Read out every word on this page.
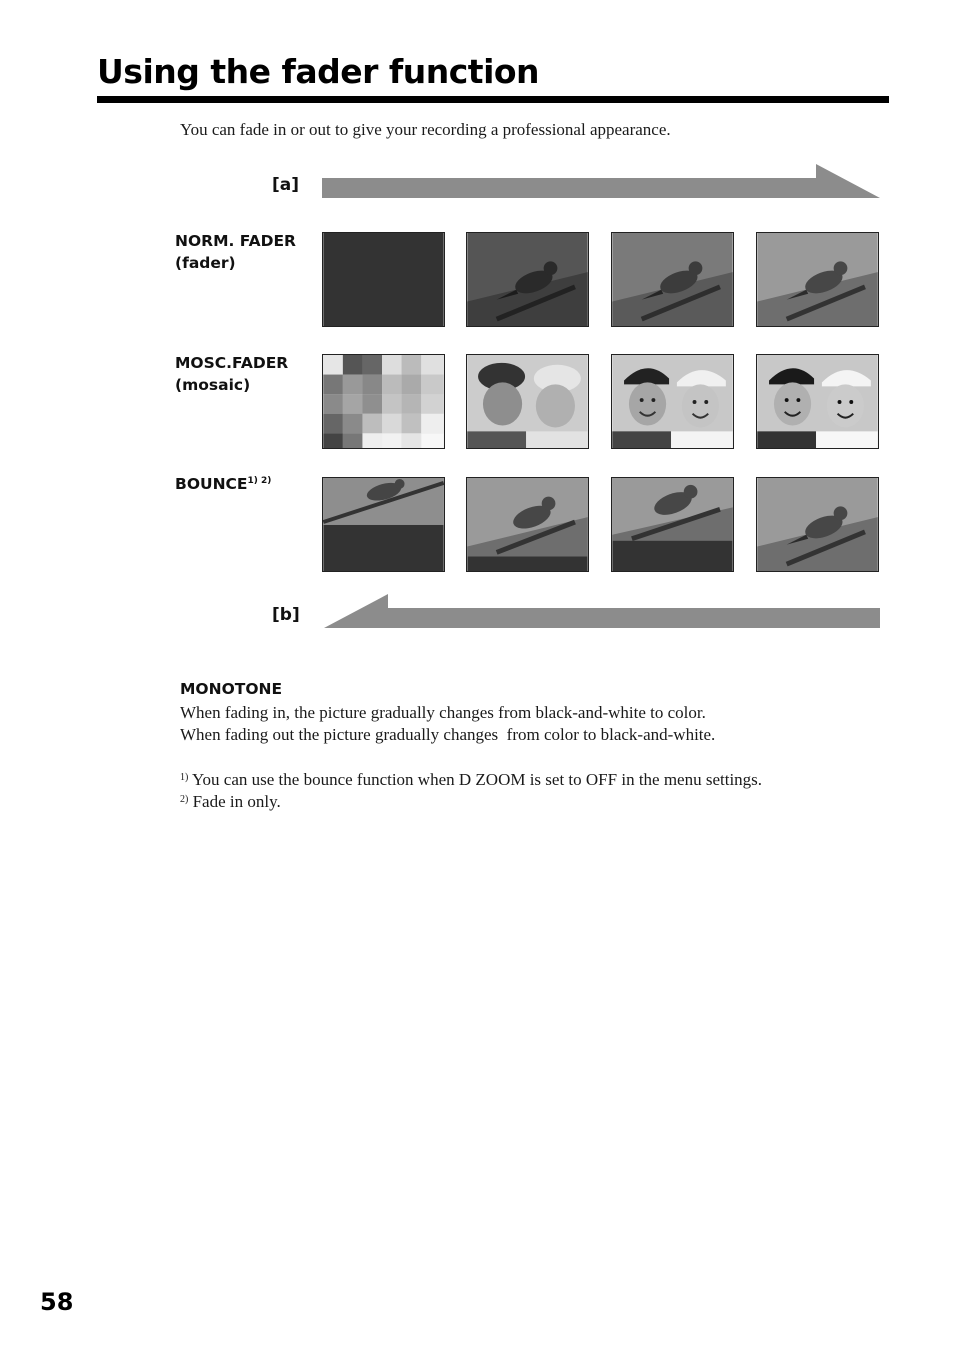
Using the fader function
You can fade in or out to give your recording a professional appearance.
[a]
NORM. FADER
(fader)
MOSC.FADER
(mosaic)
$BOUNCE^{1) 2)}$
[b]
MONOTONE
When fading in, the picture gradually changes from black-and-white to color.
When fading out the picture gradually changes  from color to black-and-white.
$^{1)}$ You can use the bounce function when D ZOOM is set to OFF in the menu settings.
$^{2)}$ Fade in only.
58
